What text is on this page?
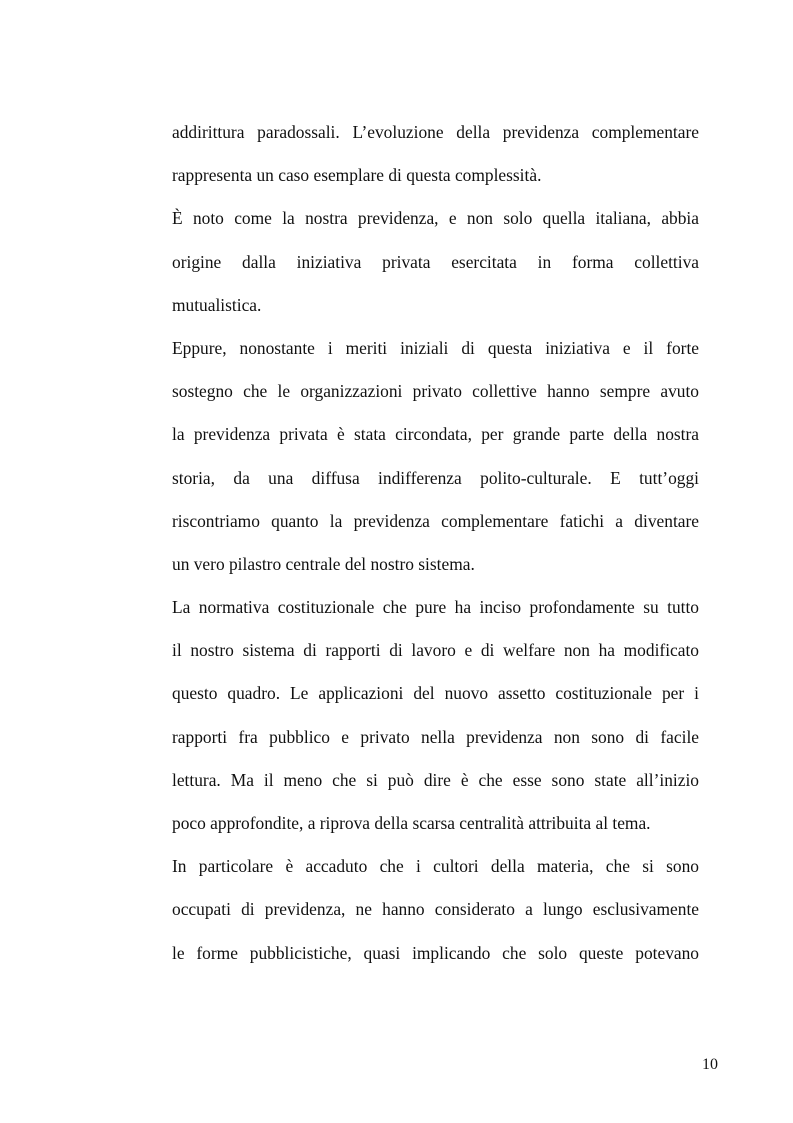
addirittura paradossali. L’evoluzione della previdenza complementare
rappresenta un caso esemplare di questa complessità.
È noto come la nostra previdenza, e non solo quella italiana, abbia
origine dalla iniziativa privata esercitata in forma collettiva
mutualistica.
Eppure, nonostante i meriti iniziali di questa iniziativa e il forte
sostegno che le organizzazioni privato collettive hanno sempre avuto
la previdenza privata è stata circondata, per grande parte della nostra
storia, da una diffusa indifferenza polito-culturale. E tutt’oggi
riscontriamo quanto la previdenza complementare fatichi a diventare
un vero pilastro centrale del nostro sistema.
La normativa costituzionale che pure ha inciso profondamente su tutto
il nostro sistema di rapporti di lavoro e di welfare non ha modificato
questo quadro. Le applicazioni del nuovo assetto costituzionale per i
rapporti fra pubblico e privato nella previdenza non sono di facile
lettura. Ma il meno che si può dire è che esse sono state all’inizio
poco approfondite, a riprova della scarsa centralità attribuita al tema.
In particolare è accaduto che i cultori della materia, che si sono
occupati di previdenza, ne hanno considerato a lungo esclusivamente
le forme pubblicistiche, quasi implicando che solo queste potevano
10
